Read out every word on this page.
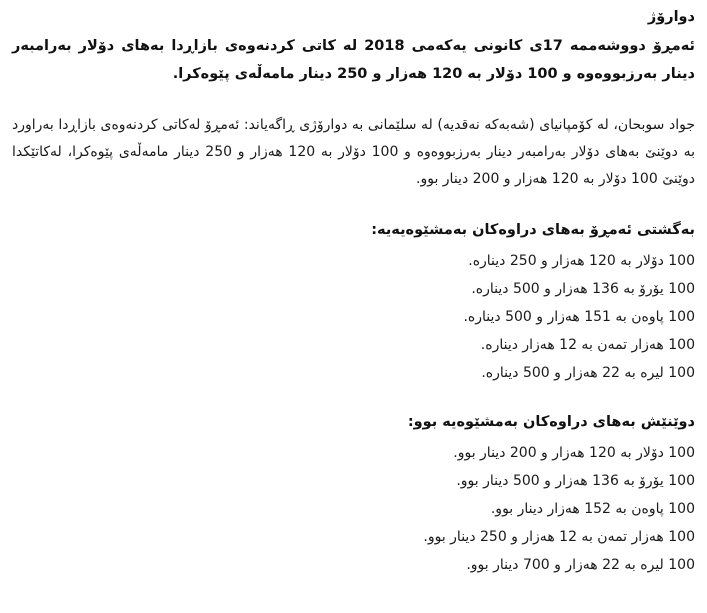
دوارۆژ

ئەمڕۆ دووشەممە 17ی کانونی یەکەمی 2018 لە کاتی کردنەوەی بازاڕدا بەهای دۆلار بەرامبەر دینار بەرزبووەوە و 100 دۆلار بە 120 هەزار و 250 دینار مامەڵەی پێوەکرا.

جواد سوبحان، لە کۆمپانیای (شەبەکە نەقدیە) لە سلێمانی بە دوارۆژی ڕاگەیاند: ئەمڕۆ لەکاتی کردنەوەی بازاڕدا بەراورد بە دوێنێ بەهای دۆلار بەرامبەر دینار بەرزبووەوە و 100 دۆلار بە 120 هەزار و 250 دینار مامەڵەی پێوەکرا، لەکاتێکدا دوێنێ 100 دۆلار بە 120 هەزار و 200 دینار بوو.

بەگشتی ئەمڕۆ بەهای دراوەکان بەمشێوەیەیە:
100 دۆلار بە 120 هەزار و 250 دینارە.
100 یۆرۆ بە 136 هەزار و 500 دینارە.
100 پاوەن بە 151 هەزار و 500 دینارە.
100 هەزار تمەن بە 12 هەزار دینارە.
100 لیرە بە 22 هەزار و 500 دینارە.
دوێنێش بەهای دراوەکان بەمشێوەیە بوو:
100 دۆلار بە 120 هەزار و 200 دینار بوو.
100 یۆرۆ بە 136 هەزار و 500 دینار بوو.
100 پاوەن بە 152 هەزار دینار بوو.
100 هەزار تمەن بە 12 هەزار و 250 دینار بوو.
100 لیرە بە 22 هەزار و 700 دینار بوو.
